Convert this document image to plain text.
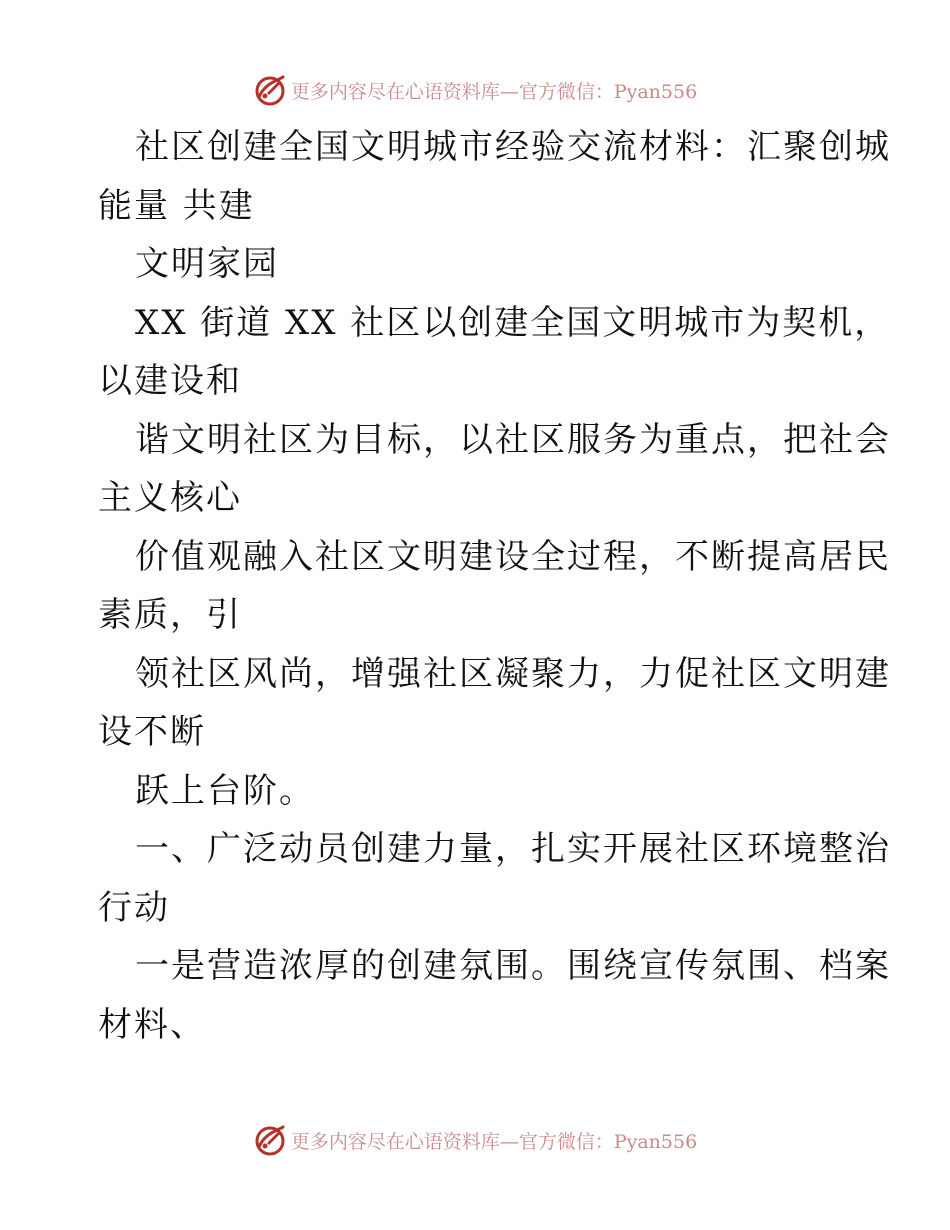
更多内容尽在心语资料库—官方微信：Pyan556
社区创建全国文明城市经验交流材料：汇聚创城
能量 共建
文明家园
XX 街道 XX 社区以创建全国文明城市为契机，
以建设和
谐文明社区为目标，以社区服务为重点，把社会
主义核心
价值观融入社区文明建设全过程，不断提高居民
素质，引
领社区风尚，增强社区凝聚力，力促社区文明建
设不断
跃上台阶。
一、广泛动员创建力量，扎实开展社区环境整治
行动
一是营造浓厚的创建氛围。围绕宣传氛围、档案
材料、
更多内容尽在心语资料库—官方微信：Pyan556
